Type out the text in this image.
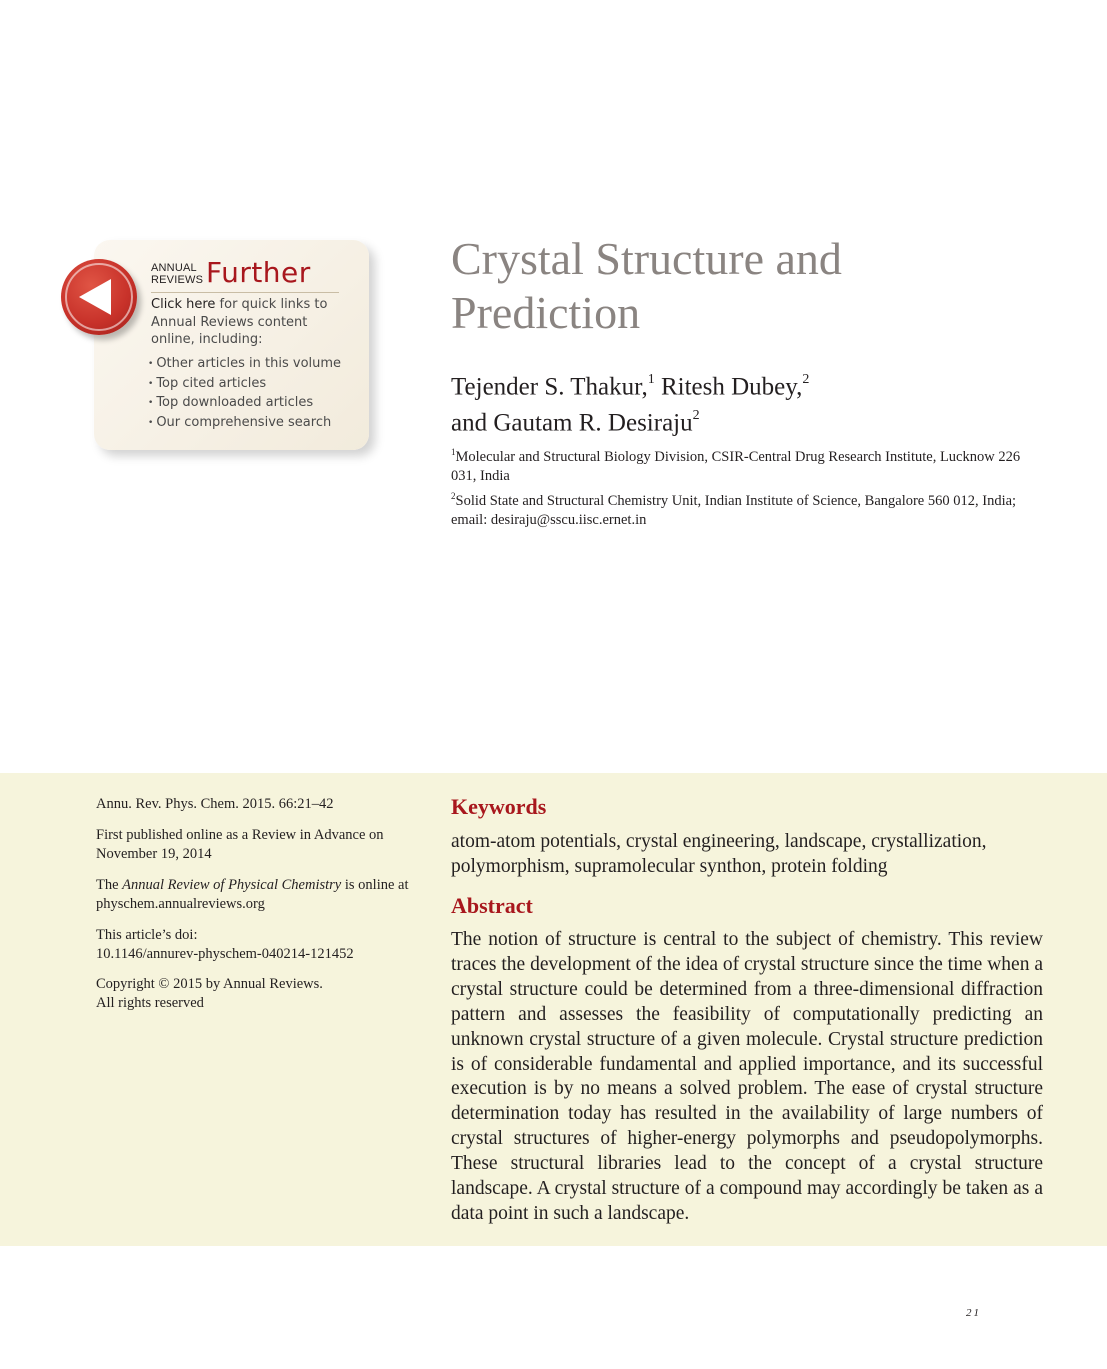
ANNUAL
REVIEWS Further
Click here for quick links to Annual Reviews content online, including:
• Other articles in this volume
• Top cited articles
• Top downloaded articles
• Our comprehensive search
Crystal Structure and
Prediction
Tejender S. Thakur,$^1$ Ritesh Dubey,$^2$
and Gautam R. Desiraju$^2$
$^1$Molecular and Structural Biology Division, CSIR-Central Drug Research Institute, Lucknow 226 031, India
$^2$Solid State and Structural Chemistry Unit, Indian Institute of Science, Bangalore 560 012, India; email: desiraju@sscu.iisc.ernet.in
Annu. Rev. Phys. Chem. 2015. 66:21–42
First published online as a Review in Advance on November 19, 2014
The Annual Review of Physical Chemistry is online at physchem.annualreviews.org
This article’s doi:
10.1146/annurev-physchem-040214-121452
Copyright © 2015 by Annual Reviews.
All rights reserved
Keywords
atom-atom potentials, crystal engineering, landscape, crystallization, polymorphism, supramolecular synthon, protein folding
Abstract
The notion of structure is central to the subject of chemistry. This review traces the development of the idea of crystal structure since the time when a crystal structure could be determined from a three-dimensional diffraction pattern and assesses the feasibility of computationally predicting an unknown crystal structure of a given molecule. Crystal structure prediction is of considerable fundamental and applied importance, and its successful execution is by no means a solved problem. The ease of crystal structure determination today has resulted in the availability of large numbers of crystal structures of higher-energy polymorphs and pseudopolymorphs. These structural libraries lead to the concept of a crystal structure landscape. A crystal structure of a compound may accordingly be taken as a data point in such a landscape.
21
